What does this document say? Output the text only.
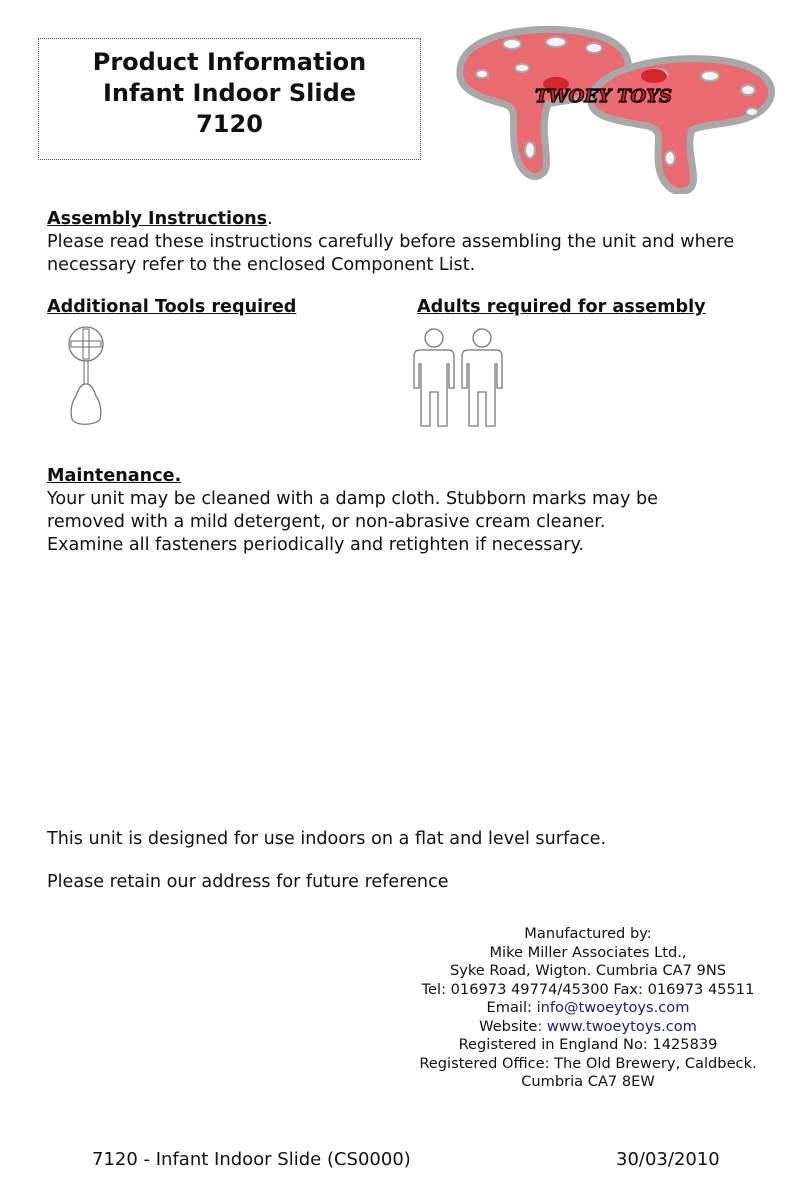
Product Information
Infant Indoor Slide
7120
TWOEY TOYS
Assembly Instructions.
Please read these instructions carefully before assembling the unit and where
necessary refer to the enclosed Component List.
Additional Tools required	Adults required for assembly
Maintenance.
Your unit may be cleaned with a damp cloth. Stubborn marks may be
removed with a mild detergent, or non-abrasive cream cleaner.
Examine all fasteners periodically and retighten if necessary.
This unit is designed for use indoors on a flat and level surface.
Please retain our address for future reference
Manufactured by:
Mike Miller Associates Ltd.,
Syke Road, Wigton. Cumbria CA7 9NS
Tel: 016973 49774/45300 Fax: 016973 45511
Email: info@twoeytoys.com
Website: www.twoeytoys.com
Registered in England No: 1425839
Registered Office: The Old Brewery, Caldbeck.
Cumbria CA7 8EW
7120 - Infant Indoor Slide (CS0000)	30/03/2010
